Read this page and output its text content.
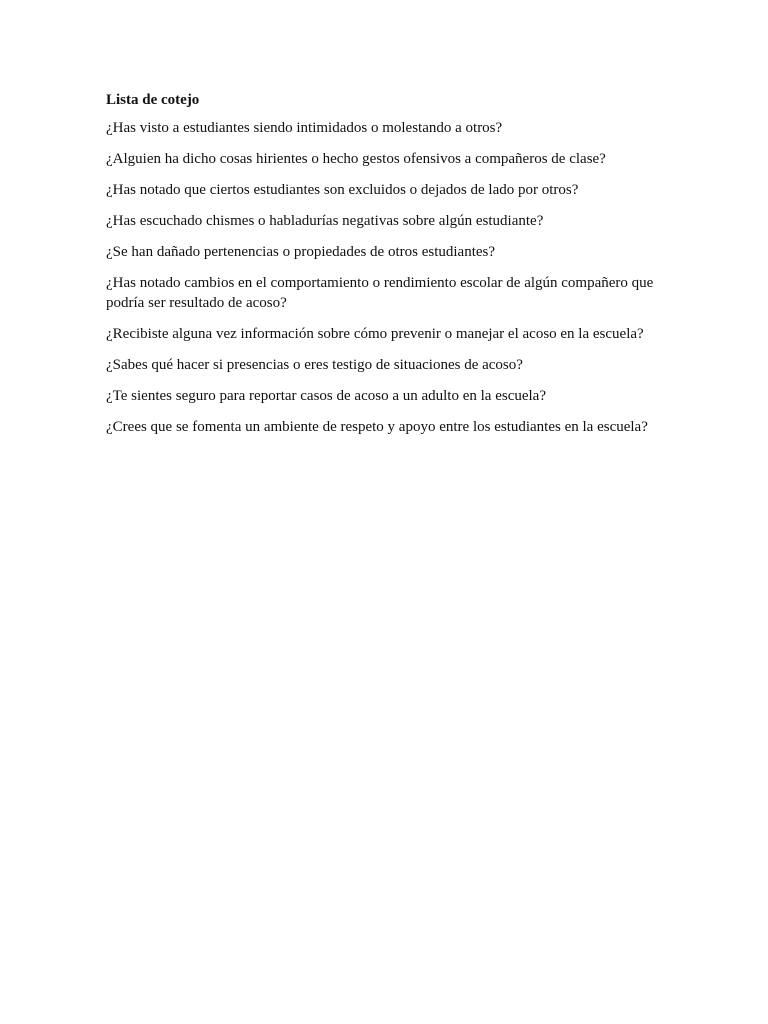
Lista de cotejo
¿Has visto a estudiantes siendo intimidados o molestando a otros?
¿Alguien ha dicho cosas hirientes o hecho gestos ofensivos a compañeros de clase?
¿Has notado que ciertos estudiantes son excluidos o dejados de lado por otros?
¿Has escuchado chismes o habladurías negativas sobre algún estudiante?
¿Se han dañado pertenencias o propiedades de otros estudiantes?
¿Has notado cambios en el comportamiento o rendimiento escolar de algún compañero que podría ser resultado de acoso?
¿Recibiste alguna vez información sobre cómo prevenir o manejar el acoso en la escuela?
¿Sabes qué hacer si presencias o eres testigo de situaciones de acoso?
¿Te sientes seguro para reportar casos de acoso a un adulto en la escuela?
¿Crees que se fomenta un ambiente de respeto y apoyo entre los estudiantes en la escuela?
